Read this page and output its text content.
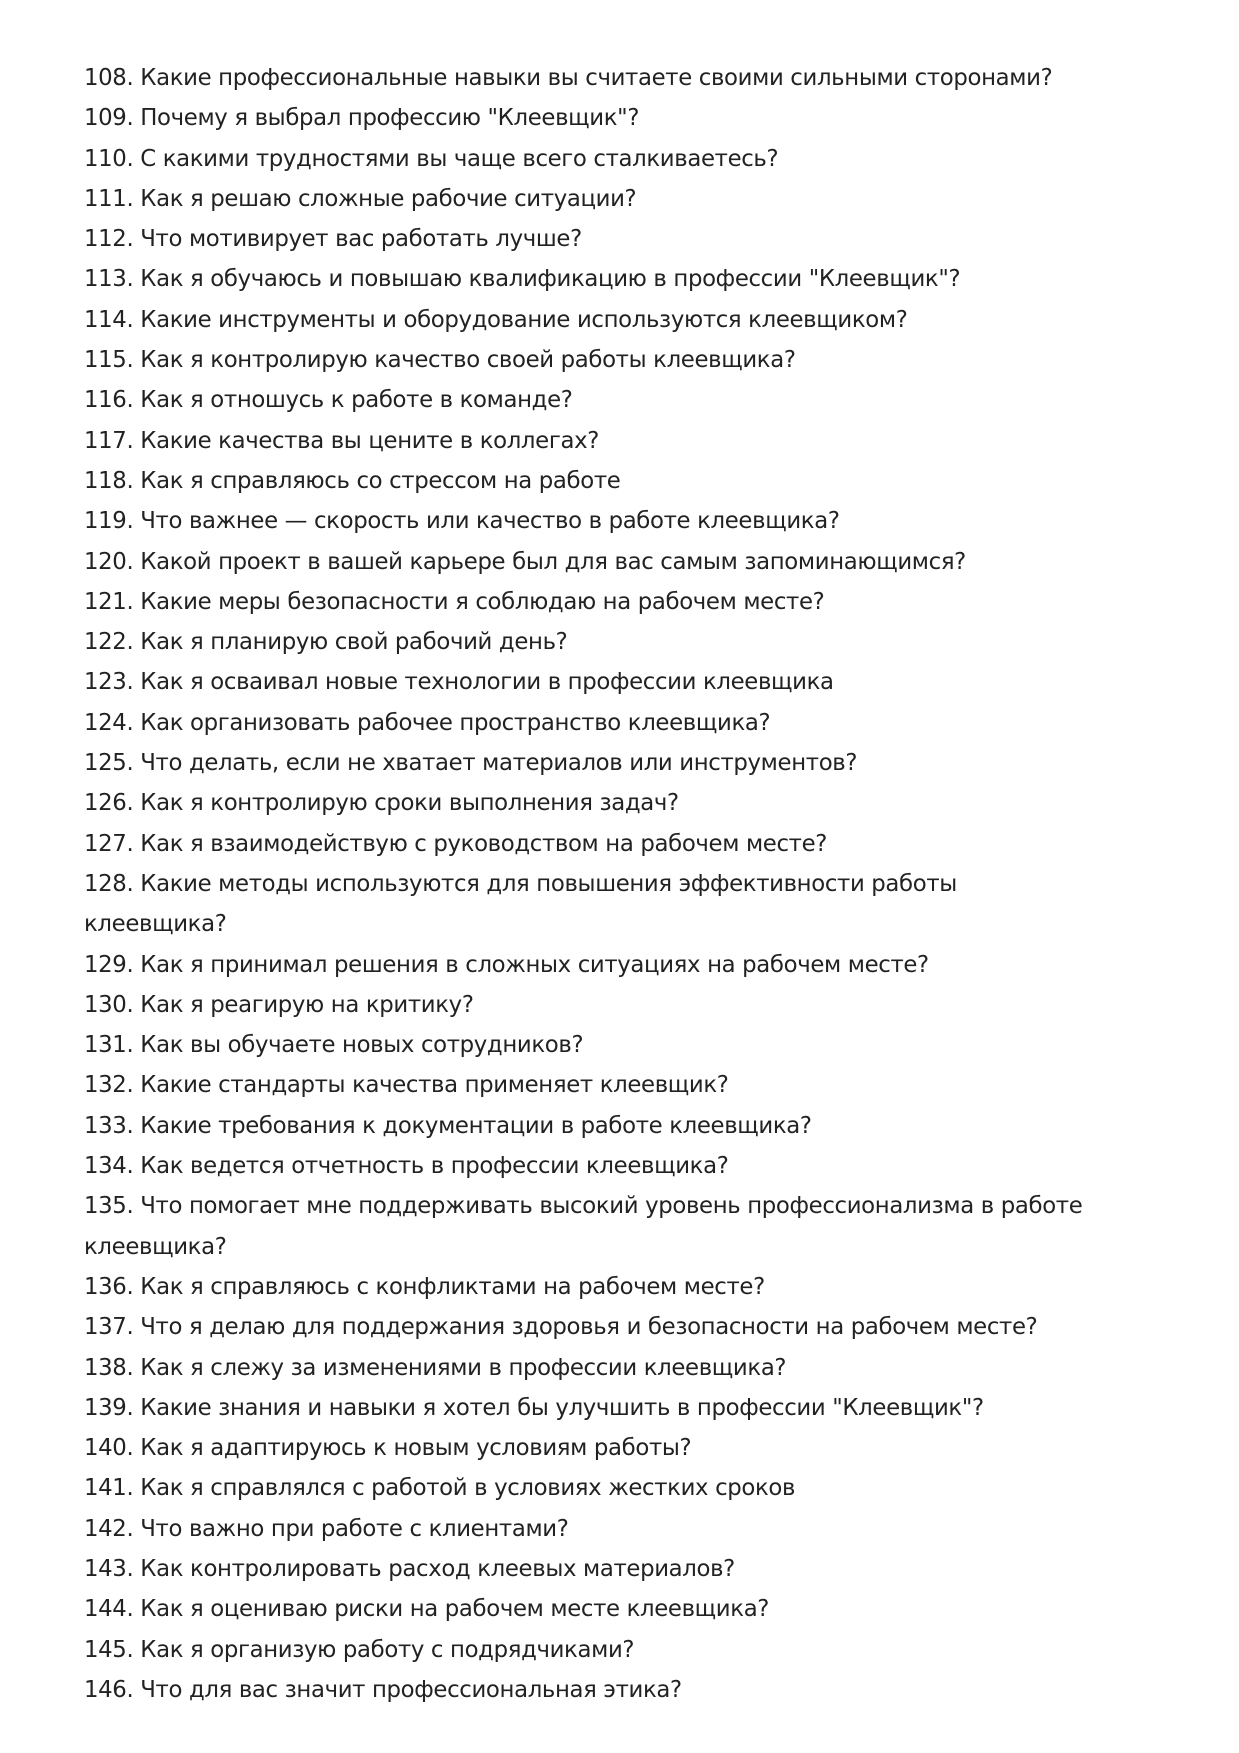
108. Какие профессиональные навыки вы считаете своими сильными сторонами?
109. Почему я выбрал профессию "Клеевщик"?
110. С какими трудностями вы чаще всего сталкиваетесь?
111. Как я решаю сложные рабочие ситуации?
112. Что мотивирует вас работать лучше?
113. Как я обучаюсь и повышаю квалификацию в профессии "Клеевщик"?
114. Какие инструменты и оборудование используются клеевщиком?
115. Как я контролирую качество своей работы клеевщика?
116. Как я отношусь к работе в команде?
117. Какие качества вы цените в коллегах?
118. Как я справляюсь со стрессом на работе
119. Что важнее — скорость или качество в работе клеевщика?
120. Какой проект в вашей карьере был для вас самым запоминающимся?
121. Какие меры безопасности я соблюдаю на рабочем месте?
122. Как я планирую свой рабочий день?
123. Как я осваивал новые технологии в профессии клеевщика
124. Как организовать рабочее пространство клеевщика?
125. Что делать, если не хватает материалов или инструментов?
126. Как я контролирую сроки выполнения задач?
127. Как я взаимодействую с руководством на рабочем месте?
128. Какие методы используются для повышения эффективности работы клеевщика?
129. Как я принимал решения в сложных ситуациях на рабочем месте?
130. Как я реагирую на критику?
131. Как вы обучаете новых сотрудников?
132. Какие стандарты качества применяет клеевщик?
133. Какие требования к документации в работе клеевщика?
134. Как ведется отчетность в профессии клеевщика?
135. Что помогает мне поддерживать высокий уровень профессионализма в работе клеевщика?
136. Как я справляюсь с конфликтами на рабочем месте?
137. Что я делаю для поддержания здоровья и безопасности на рабочем месте?
138. Как я слежу за изменениями в профессии клеевщика?
139. Какие знания и навыки я хотел бы улучшить в профессии "Клеевщик"?
140. Как я адаптируюсь к новым условиям работы?
141. Как я справлялся с работой в условиях жестких сроков
142. Что важно при работе с клиентами?
143. Как контролировать расход клеевых материалов?
144. Как я оцениваю риски на рабочем месте клеевщика?
145. Как я организую работу с подрядчиками?
146. Что для вас значит профессиональная этика?
